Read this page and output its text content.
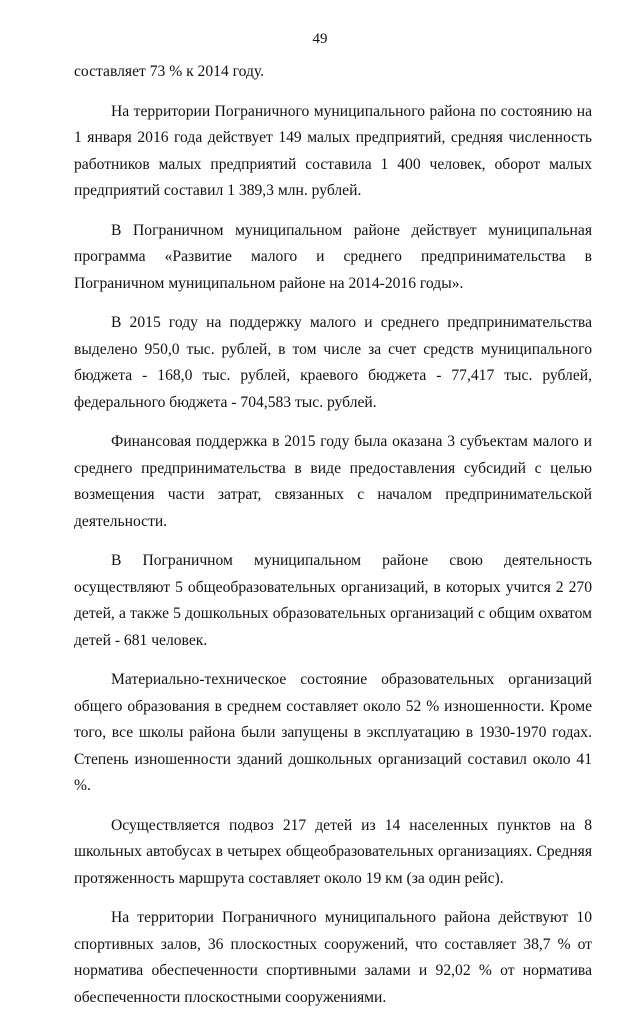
49

составляет 73 % к 2014 году.

На территории Пограничного муниципального района по состоянию на 1 января 2016 года действует 149 малых предприятий, средняя численность работников малых предприятий составила 1 400 человек, оборот малых предприятий составил 1 389,3 млн. рублей.

В Пограничном муниципальном районе действует муниципальная программа «Развитие малого и среднего предпринимательства в Пограничном муниципальном районе на 2014-2016 годы».

В 2015 году на поддержку малого и среднего предпринимательства выделено 950,0 тыс. рублей, в том числе за счет средств муниципального бюджета - 168,0 тыс. рублей, краевого бюджета - 77,417 тыс. рублей, федерального бюджета - 704,583 тыс. рублей.

Финансовая поддержка в 2015 году была оказана 3 субъектам малого и среднего предпринимательства в виде предоставления субсидий с целью возмещения части затрат, связанных с началом предпринимательской деятельности.

В Пограничном муниципальном районе свою деятельность осуществляют 5 общеобразовательных организаций, в которых учится 2 270 детей, а также 5 дошкольных образовательных организаций с общим охватом детей - 681 человек.

Материально-техническое состояние образовательных организаций общего образования в среднем составляет около 52 % изношенности. Кроме того, все школы района были запущены в эксплуатацию в 1930-1970 годах. Степень изношенности зданий дошкольных организаций составил около 41 %.

Осуществляется подвоз 217 детей из 14 населенных пунктов на 8 школьных автобусах в четырех общеобразовательных организациях. Средняя протяженность маршрута составляет около 19 км (за один рейс).

На территории Пограничного муниципального района действуют 10 спортивных залов, 36 плоскостных сооружений, что составляет 38,7 % от норматива обеспеченности спортивными залами и 92,02 % от норматива обеспеченности плоскостными сооружениями.
